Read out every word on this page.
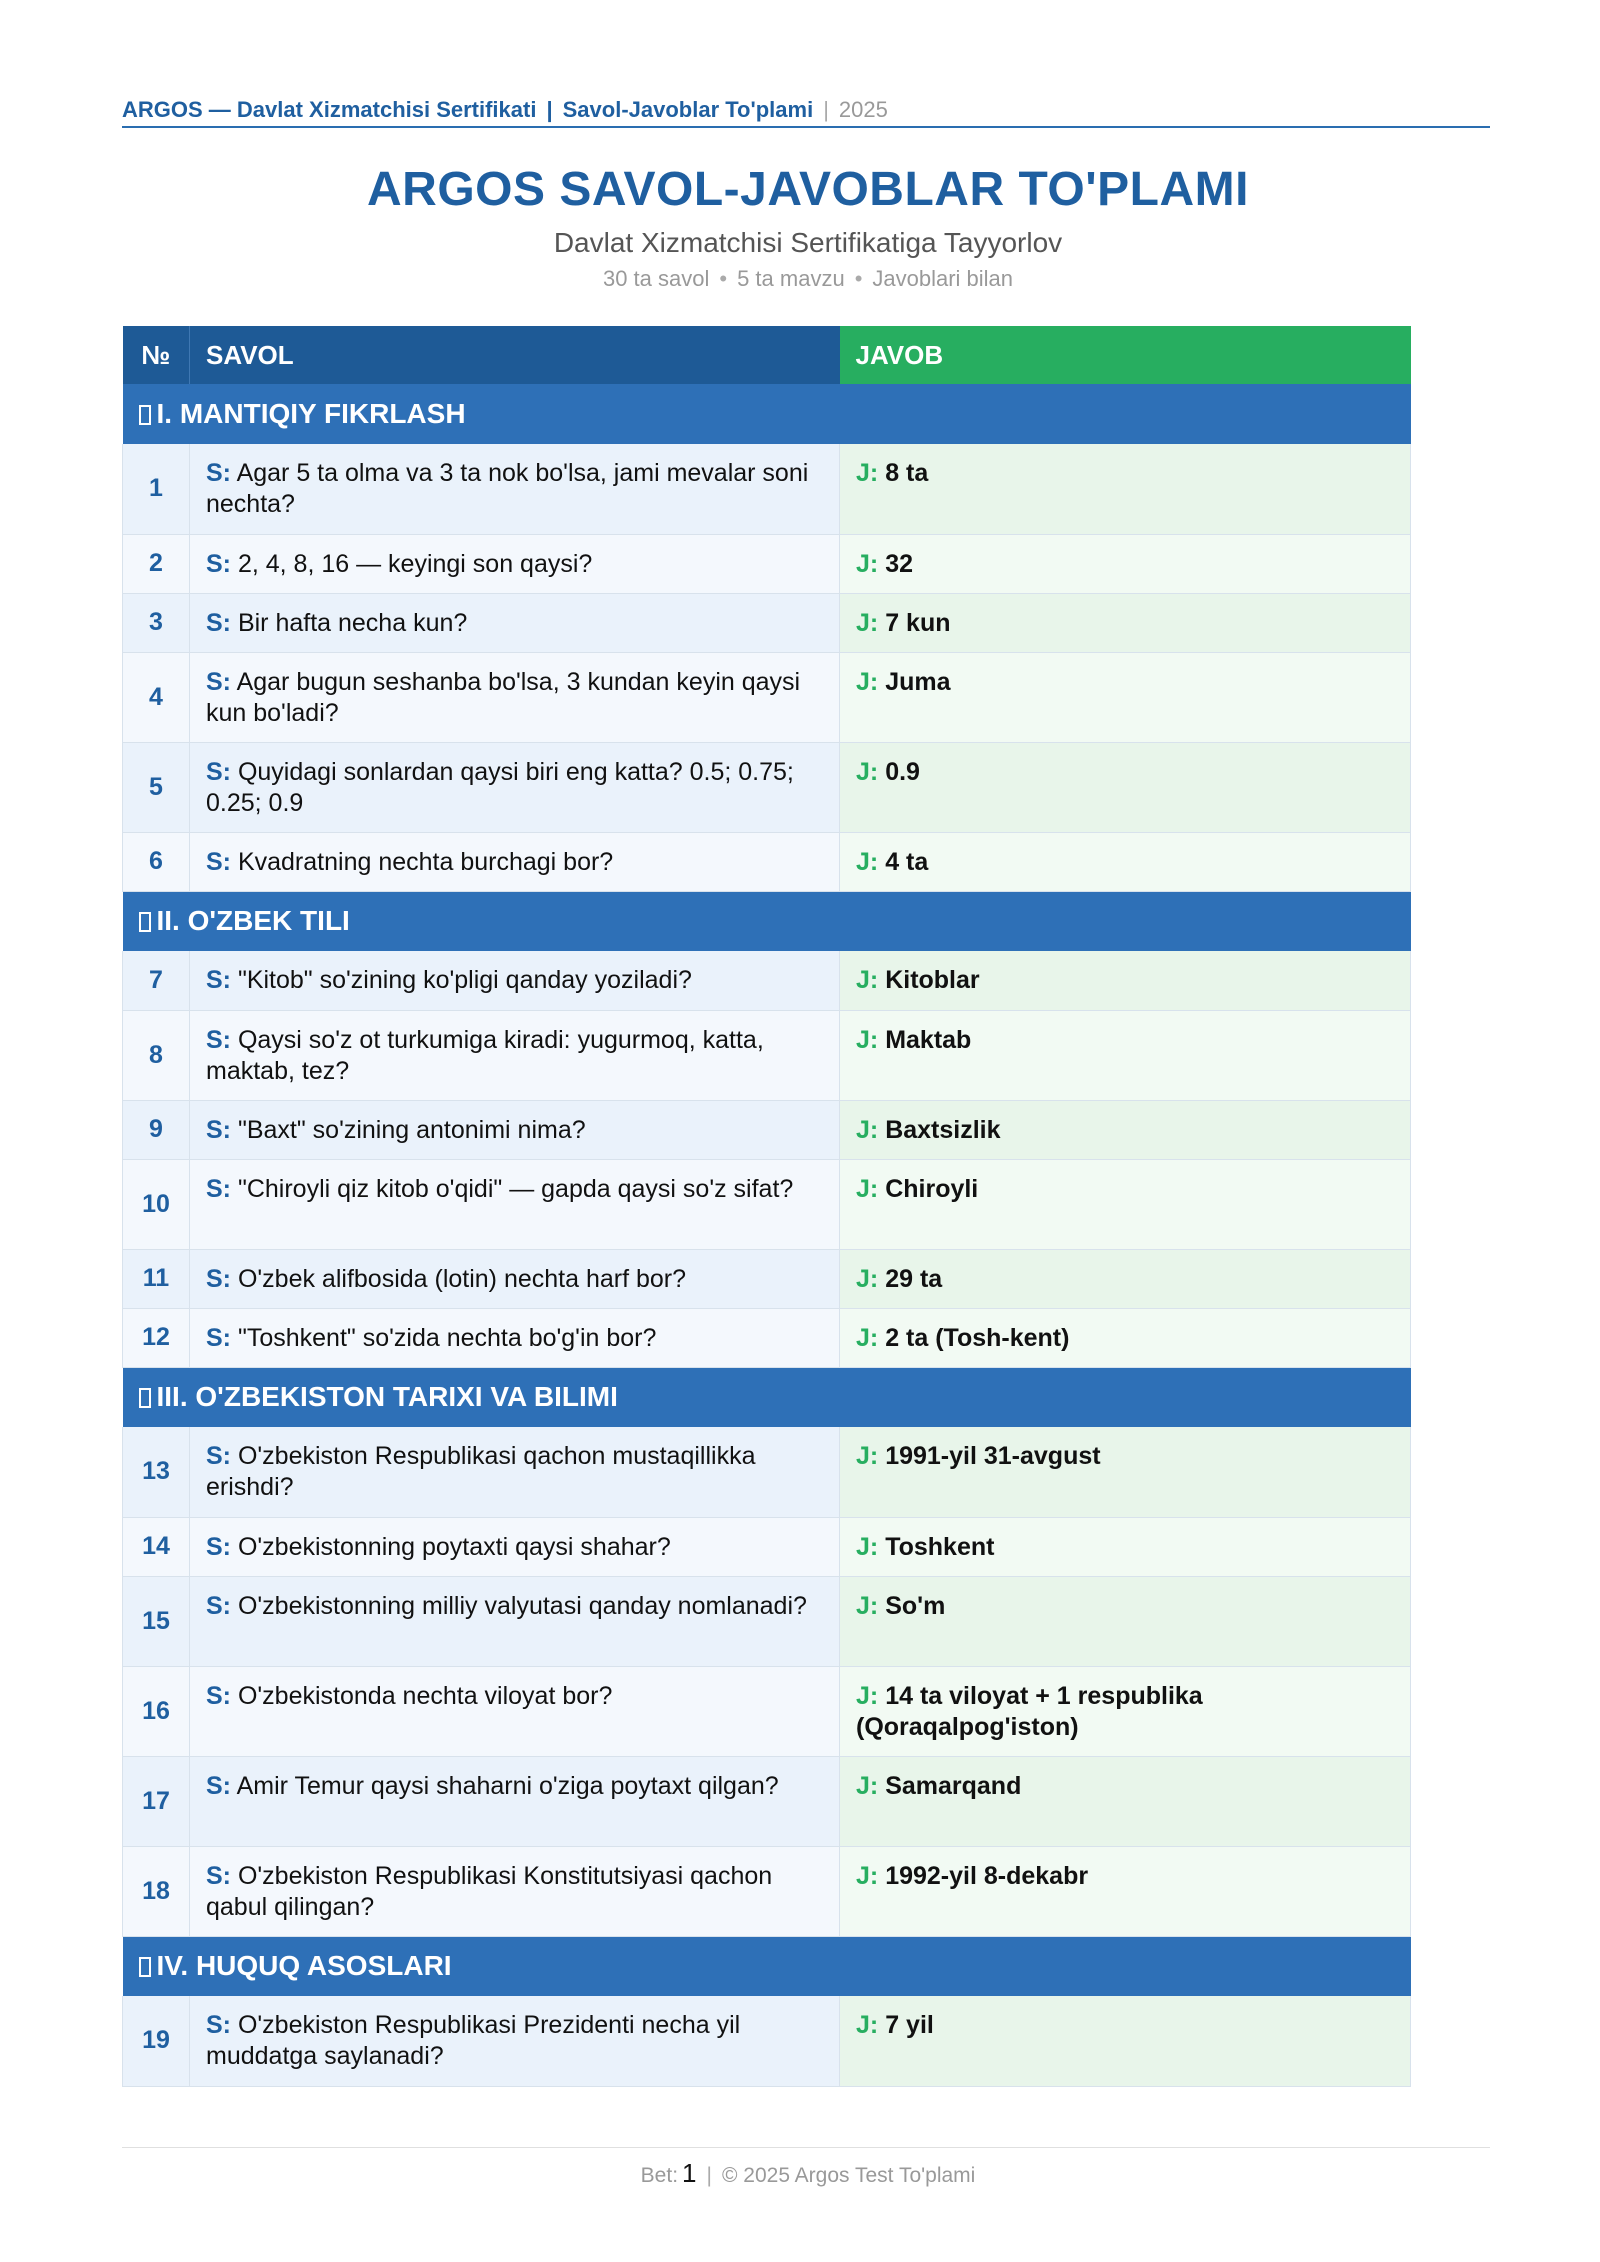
ARGOS — Davlat Xizmatchisi Sertifikati | Savol-Javoblar To'plami | 2025
ARGOS SAVOL-JAVOBLAR TO'PLAMI
Davlat Xizmatchisi Sertifikatiga Tayyorlov
30 ta savol • 5 ta mavzu • Javoblari bilan
№	SAVOL	JAVOB
I. MANTIQIY FIKRLASH		
1	S: Agar 5 ta olma va 3 ta nok bo'lsa, jami mevalar soni nechta?	J: 8 ta
2	S: 2, 4, 8, 16 — keyingi son qaysi?	J: 32
3	S: Bir hafta necha kun?	J: 7 kun
4	S: Agar bugun seshanba bo'lsa, 3 kundan keyin qaysi kun bo'ladi?	J: Juma
5	S: Quyidagi sonlardan qaysi biri eng katta? 0.5; 0.75; 0.25; 0.9	J: 0.9
6	S: Kvadratning nechta burchagi bor?	J: 4 ta
II. O'ZBEK TILI		
7	S: "Kitob" so'zining ko'pligi qanday yoziladi?	J: Kitoblar
8	S: Qaysi so'z ot turkumiga kiradi: yugurmoq, katta, maktab, tez?	J: Maktab
9	S: "Baxt" so'zining antonimi nima?	J: Baxtsizlik
10	S: "Chiroyli qiz kitob o'qidi" — gapda qaysi so'z sifat?	J: Chiroyli
11	S: O'zbek alifbosida (lotin) nechta harf bor?	J: 29 ta
12	S: "Toshkent" so'zida nechta bo'g'in bor?	J: 2 ta (Tosh-kent)
III. O'ZBEKISTON TARIXI VA BILIMI		
13	S: O'zbekiston Respublikasi qachon mustaqillikka erishdi?	J: 1991-yil 31-avgust
14	S: O'zbekistonning poytaxti qaysi shahar?	J: Toshkent
15	S: O'zbekistonning milliy valyutasi qanday nomlanadi?	J: So'm
16	S: O'zbekistonda nechta viloyat bor?	J: 14 ta viloyat + 1 respublika (Qoraqalpog'iston)
17	S: Amir Temur qaysi shaharni o'ziga poytaxt qilgan?	J: Samarqand
18	S: O'zbekiston Respublikasi Konstitutsiyasi qachon qabul qilingan?	J: 1992-yil 8-dekabr
IV. HUQUQ ASOSLARI		
19	S: O'zbekiston Respublikasi Prezidenti necha yil muddatga saylanadi?	J: 7 yil
Bet: 1 | © 2025 Argos Test To'plami
